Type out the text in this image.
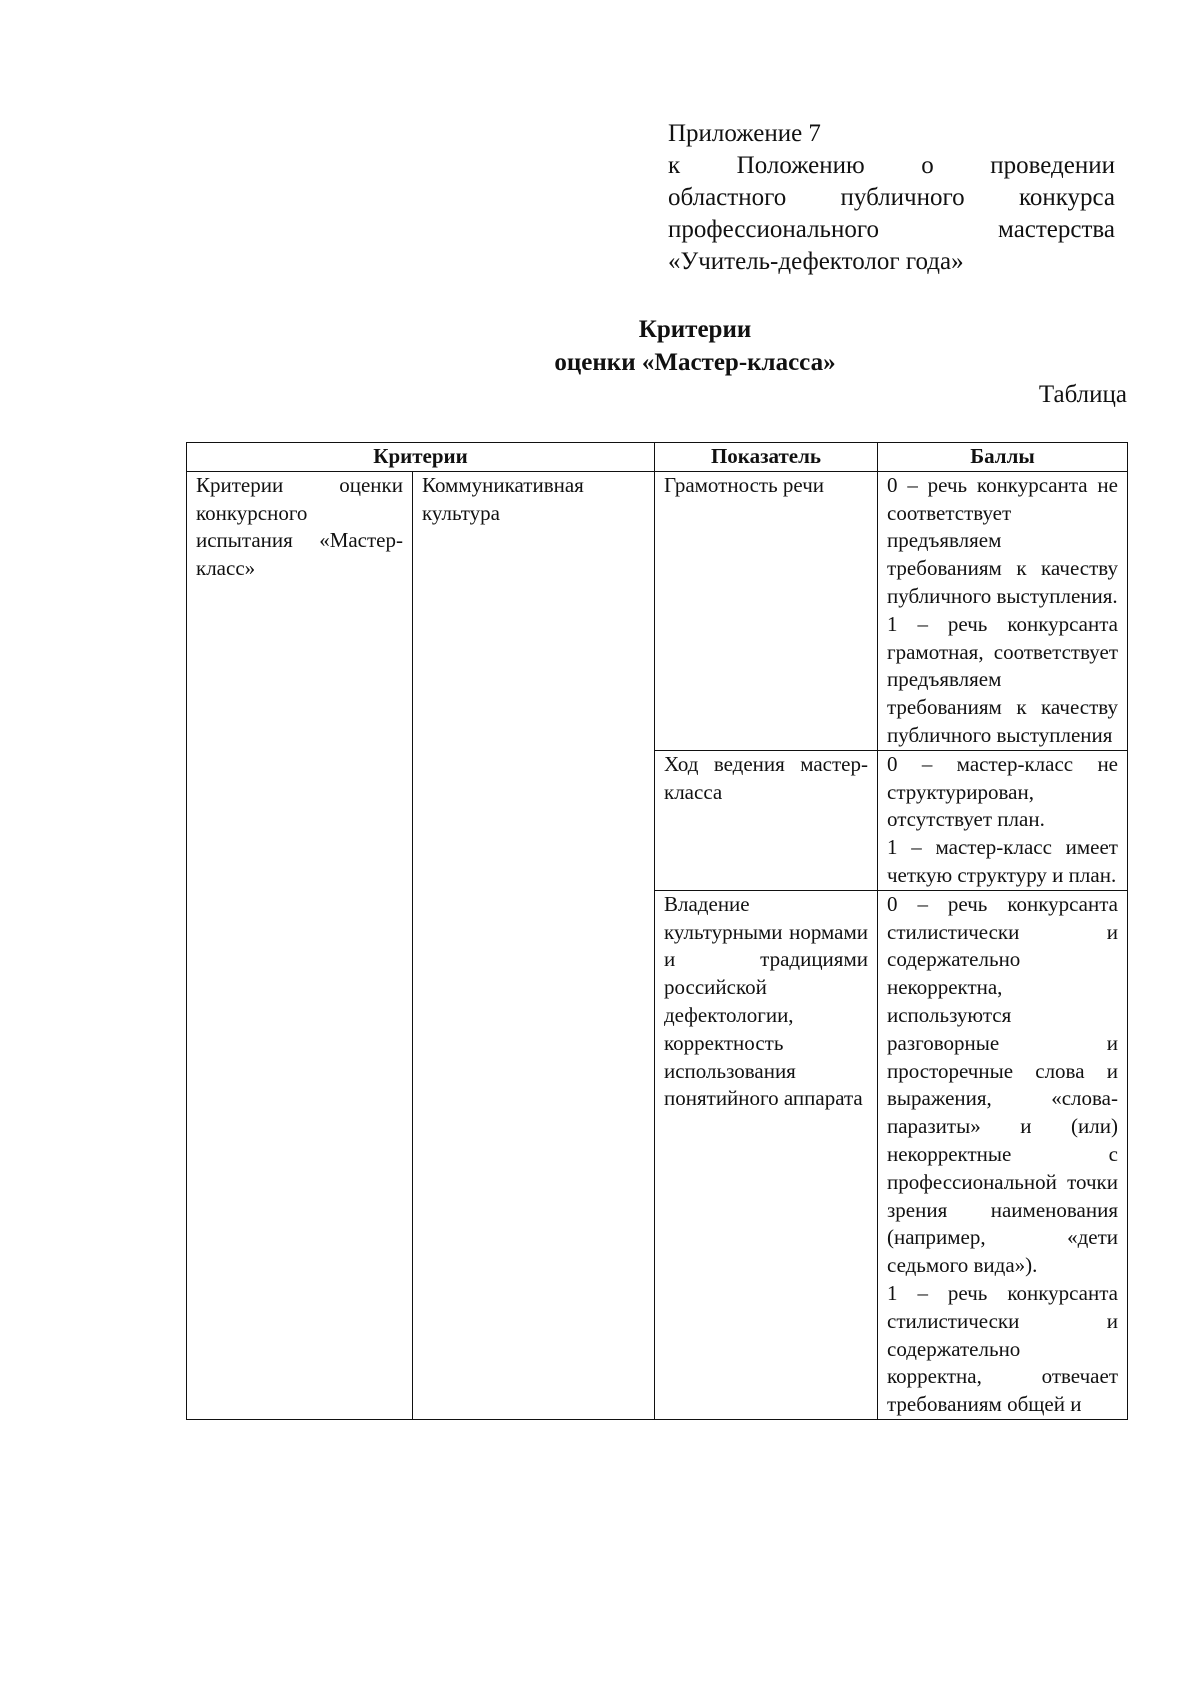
Приложение 7
к Положению о проведении
областного публичного конкурса
профессионального мастерства
«Учитель-дефектолог года»
Критерии
оценки «Мастер-класса»
Таблица
Критерии		Показатель	Баллы
Критерии оценки конкурсного испытания «Мастер-класс»	Коммуникативная культура	Грамотность речи	0 – речь конкурсанта не соответствует предъявляем требованиям к качеству публичного выступления.
1 – речь конкурсанта грамотная, соответствует предъявляем требованиям к качеству публичного выступления
		Ход ведения мастер-класса	0 – мастер-класс не структурирован, отсутствует план.
1 – мастер-класс имеет четкую структуру и план.
		Владение культурными нормами и традициями российской дефектологии, корректность использования понятийного аппарата	0 – речь конкурсанта стилистически и содержательно некорректна, используются разговорные и просторечные слова и выражения, «слова-паразиты» и (или) некорректные с профессиональной точки зрения наименования (например, «дети седьмого вида»).
1 – речь конкурсанта стилистически и содержательно корректна, отвечает требованиям общей и
